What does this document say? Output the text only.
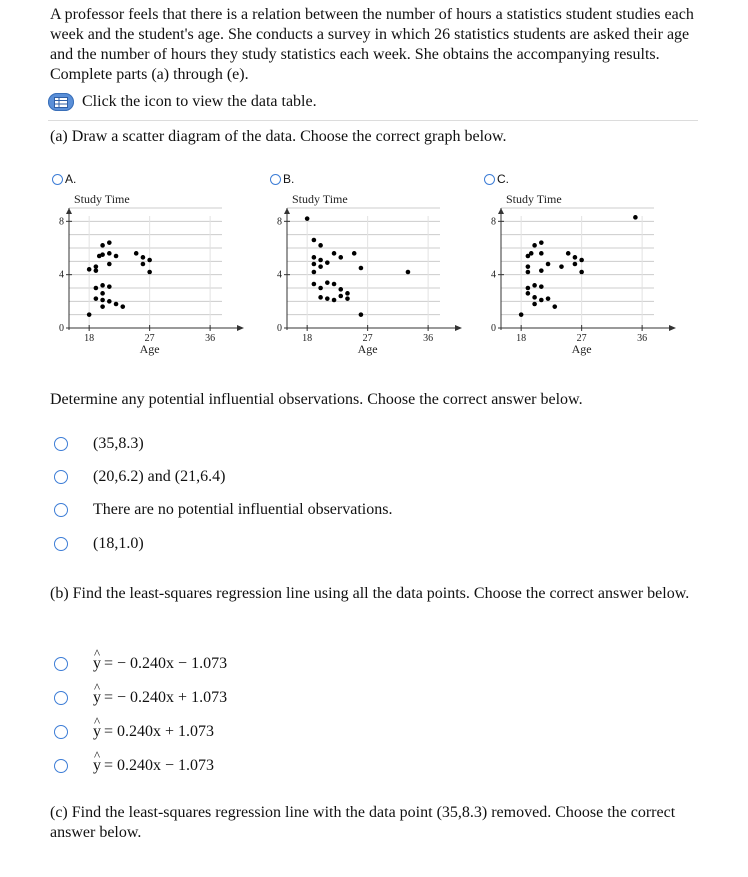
A professor feels that there is a relation between the number of hours a statistics student studies each week and the student's age. She conducts a survey in which 26 statistics students are asked their age and the number of hours they study statistics each week. She obtains the accompanying results. Complete parts (a) through (e).

Click the icon to view the data table.

(a) Draw a scatter diagram of the data. Choose the correct graph below.

A.
Study Time
0
4
8
18	27	36
Age
B.
Study Time
0
4
8
18	27	36
Age
C.
Study Time
0
4
8
18	27	36
Age

Determine any potential influential observations. Choose the correct answer below.

(35,8.3)
(20,6.2) and (21,6.4)
There are no potential influential observations.
(18,1.0)

(b) Find the least-squares regression line using all the data points. Choose the correct answer below.

^ y = − 0.240x − 1.073
^ y = − 0.240x + 1.073
^ y = 0.240x + 1.073
^ y = 0.240x − 1.073

(c) Find the least-squares regression line with the data point (35,8.3) removed. Choose the correct answer below.
